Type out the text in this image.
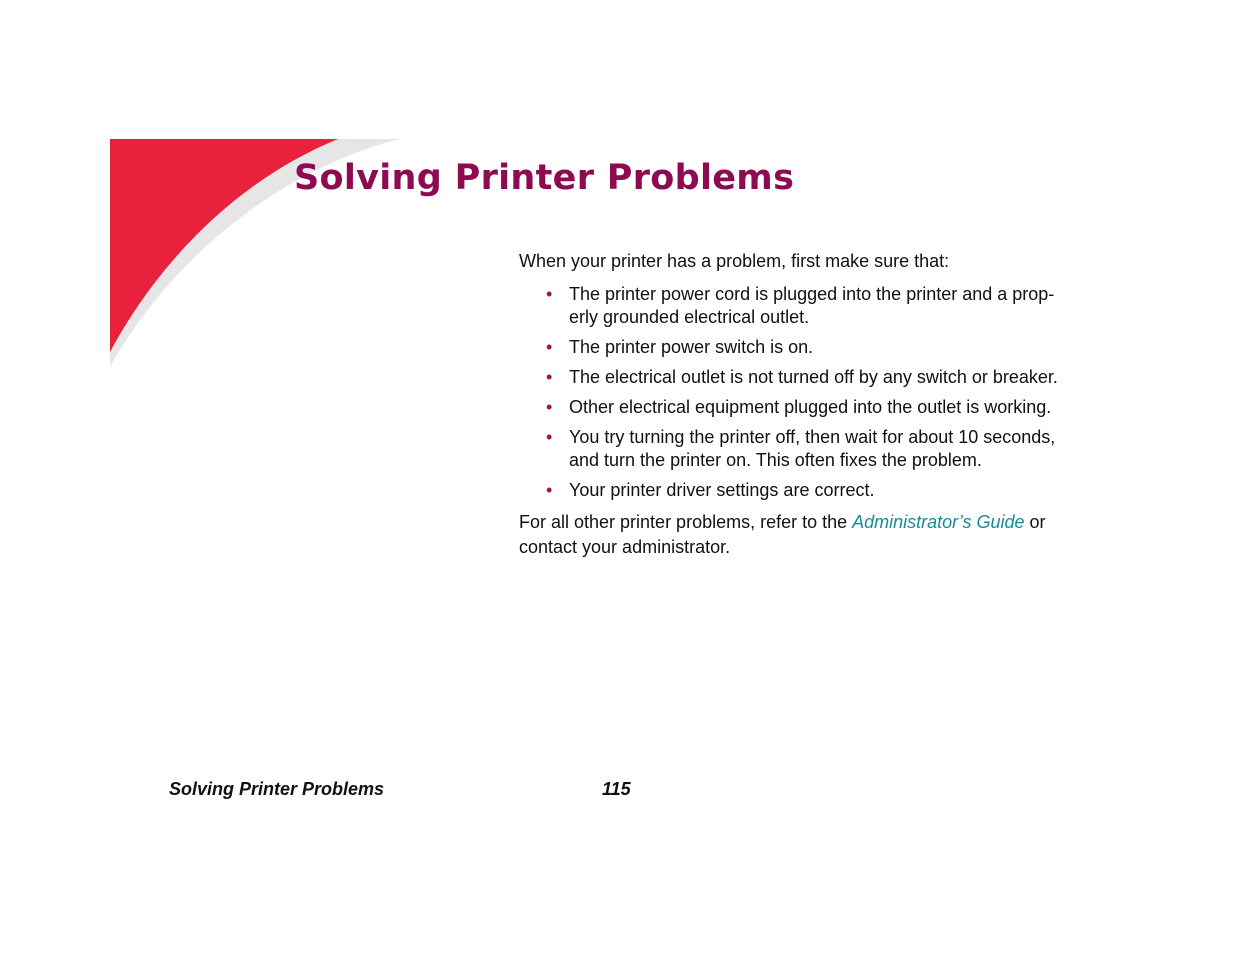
Solving Printer Problems

When your printer has a problem, first make sure that:

• The printer power cord is plugged into the printer and a prop-
erly grounded electrical outlet.
• The printer power switch is on.
• The electrical outlet is not turned off by any switch or breaker.
• Other electrical equipment plugged into the outlet is working.
• You try turning the printer off, then wait for about 10 seconds,
and turn the printer on. This often fixes the problem.
• Your printer driver settings are correct.

For all other printer problems, refer to the Administrator’s Guide or
contact your administrator.

Solving Printer Problems	115
